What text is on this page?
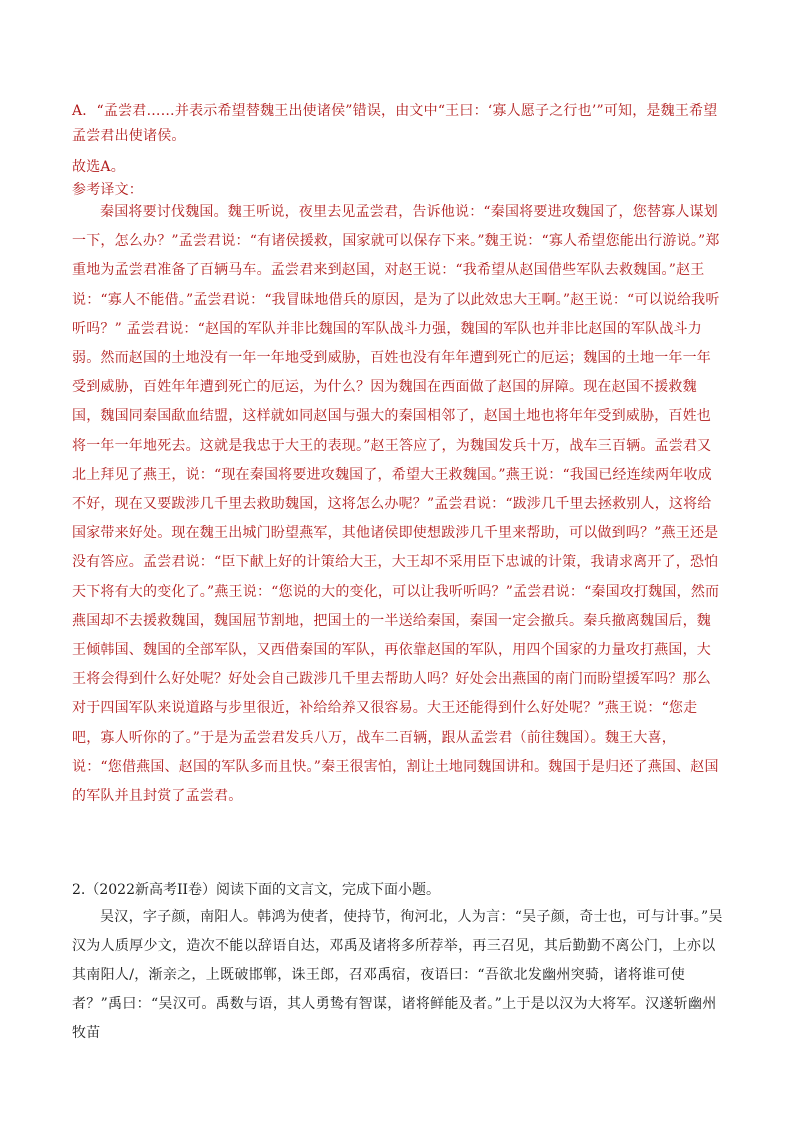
A．“孟尝君……并表示希望替魏王出使诸侯”错误，由文中“王曰：‘寡人愿子之行也’”可知，是魏王希望孟尝君出使诸侯。

故选A。

参考译文：

秦国将要讨伐魏国。魏王听说，夜里去见孟尝君，告诉他说：“秦国将要进攻魏国了，您替寡人谋划一下，怎么办？”孟尝君说：“有诸侯援救，国家就可以保存下来。”魏王说：“寡人希望您能出行游说。”郑重地为孟尝君准备了百辆马车。孟尝君来到赵国，对赵王说：“我希望从赵国借些军队去救魏国。”赵王说：“寡人不能借。”孟尝君说：“我冒昧地借兵的原因，是为了以此效忠大王啊。”赵王说：“可以说给我听听吗？” 孟尝君说：“赵国的军队并非比魏国的军队战斗力强，魏国的军队也并非比赵国的军队战斗力弱。然而赵国的土地没有一年一年地受到威胁，百姓也没有年年遭到死亡的厄运；魏国的土地一年一年受到威胁，百姓年年遭到死亡的厄运，为什么？因为魏国在西面做了赵国的屏障。现在赵国不援救魏国，魏国同秦国歃血结盟，这样就如同赵国与强大的秦国相邻了，赵国土地也将年年受到威胁，百姓也将一年一年地死去。这就是我忠于大王的表现。”赵王答应了，为魏国发兵十万，战车三百辆。孟尝君又北上拜见了燕王，说：“现在秦国将要进攻魏国了，希望大王救魏国。”燕王说：“我国已经连续两年收成不好，现在又要跋涉几千里去救助魏国，这将怎么办呢？”孟尝君说：“跋涉几千里去拯救别人，这将给国家带来好处。现在魏王出城门盼望燕军，其他诸侯即使想跋涉几千里来帮助，可以做到吗？”燕王还是没有答应。孟尝君说：“臣下献上好的计策给大王，大王却不采用臣下忠诚的计策，我请求离开了，恐怕天下将有大的变化了。”燕王说：“您说的大的变化，可以让我听听吗？”孟尝君说：“秦国攻打魏国，然而燕国却不去援救魏国，魏国屈节割地，把国土的一半送给秦国，秦国一定会撤兵。秦兵撤离魏国后，魏王倾韩国、魏国的全部军队，又西借秦国的军队，再依靠赵国的军队，用四个国家的力量攻打燕国，大王将会得到什么好处呢？好处会自己跋涉几千里去帮助人吗？好处会出燕国的南门而盼望援军吗？那么对于四国军队来说道路与步里很近，补给给养又很容易。大王还能得到什么好处呢？”燕王说：“您走吧，寡人听你的了。”于是为孟尝君发兵八万，战车二百辆，跟从孟尝君（前往魏国）。魏王大喜，说：“您借燕国、赵国的军队多而且快。”秦王很害怕，割让土地同魏国讲和。魏国于是归还了燕国、赵国的军队并且封赏了孟尝君。

2.（2022新高考II卷）阅读下面的文言文，完成下面小题。

吴汉，字子颜，南阳人。韩鸿为使者，使持节，徇河北，人为言：“吴子颜，奇士也，可与计事。”吴汉为人质厚少文，造次不能以辞语自达，邓禹及诸将多所荐举，再三召见，其后勤勤不离公门，上亦以其南阳人/，渐亲之，上既破邯郸，诛王郎，召邓禹宿，夜语曰：“吾欲北发幽州突骑，诸将谁可使者？”禹曰：“吴汉可。禹数与语，其人勇鸷有智谋，诸将鲜能及者。”上于是以汉为大将军。汉遂斩幽州牧苗
